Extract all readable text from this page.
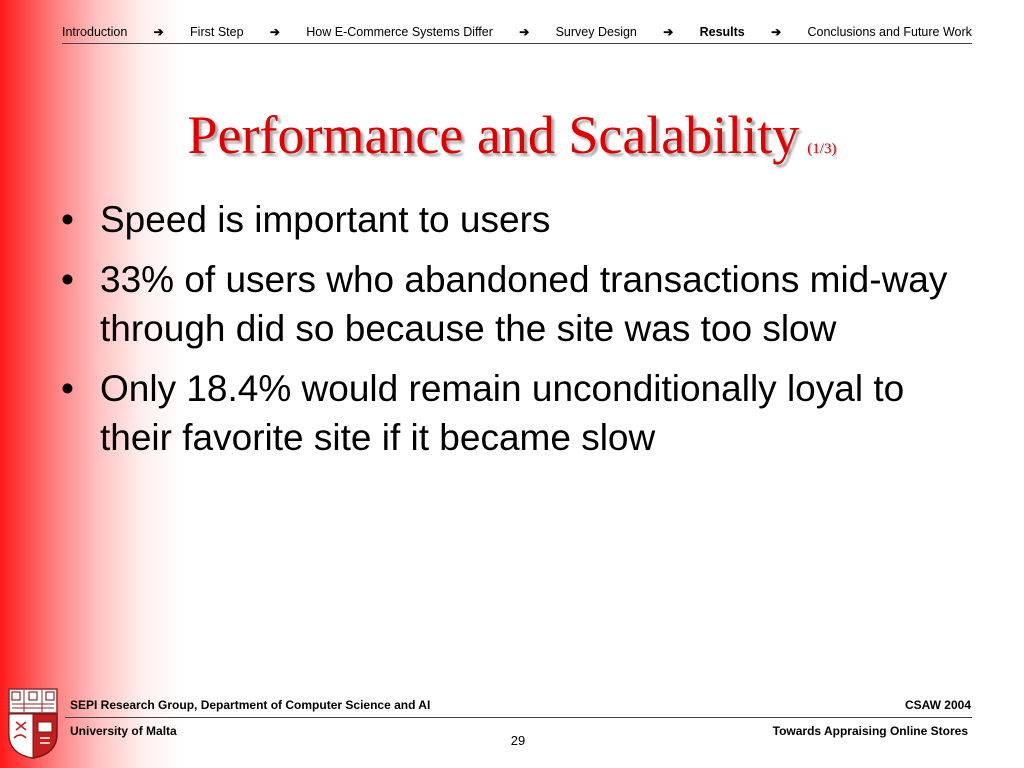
Introduction ➔ First Step ➔ How E-Commerce Systems Differ ➔ Survey Design ➔ Results ➔ Conclusions and Future Work
Performance and Scalability (1/3)
• Speed is important to users
• 33% of users who abandoned transactions mid-way through did so because the site was too slow
• Only 18.4% would remain unconditionally loyal to their favorite site if it became slow
SEPI Research Group, Department of Computer Science and AI	CSAW 2004
University of Malta	Towards Appraising Online Stores
29
